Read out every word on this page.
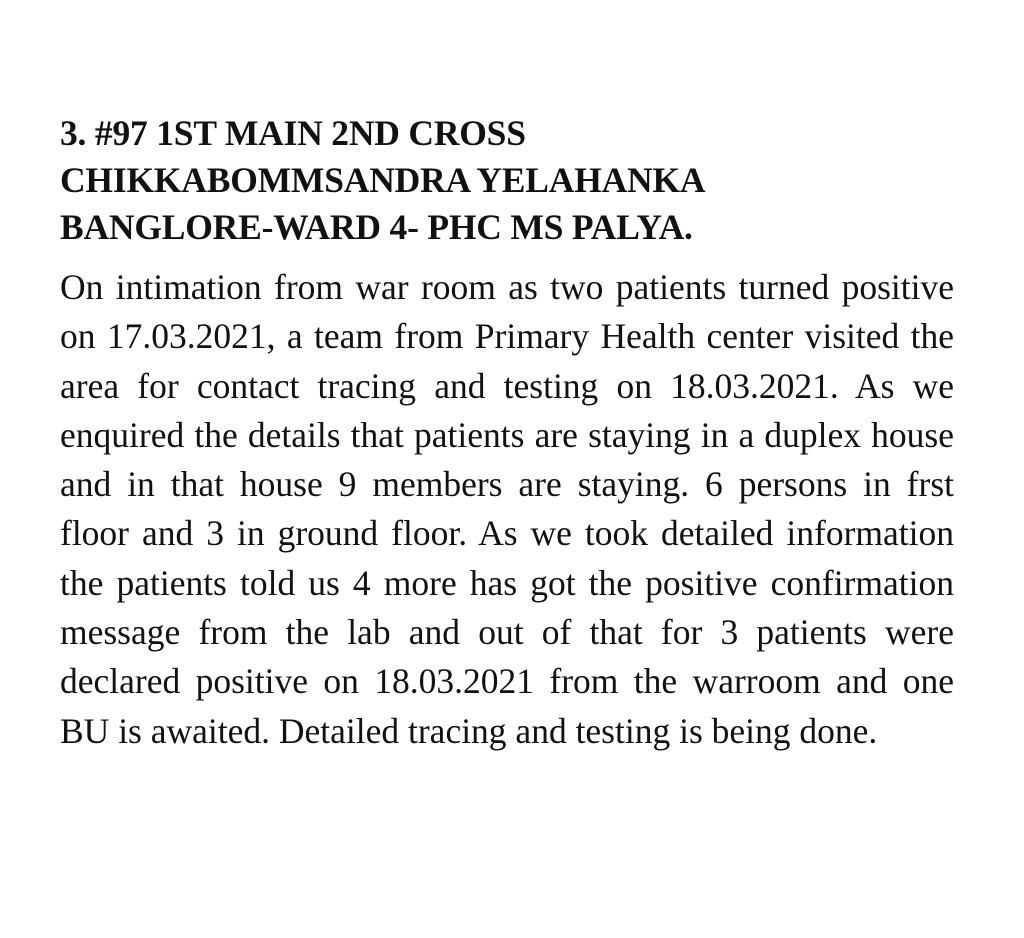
3. #97 1ST MAIN 2ND CROSS
CHIKKABOMMSANDRA YELAHANKA
BANGLORE-WARD 4- PHC MS PALYA.

On intimation from war room as two patients turned positive on 17.03.2021, a team from Primary Health center visited the area for contact tracing and testing on 18.03.2021. As we enquired the details that patients are staying in a duplex house and in that house 9 members are staying. 6 persons in frst floor and 3 in ground floor. As we took detailed information the patients told us 4 more has got the positive confirmation message from the lab and out of that for 3 patients were declared positive on 18.03.2021 from the warroom and one BU is awaited. Detailed tracing and testing is being done.
